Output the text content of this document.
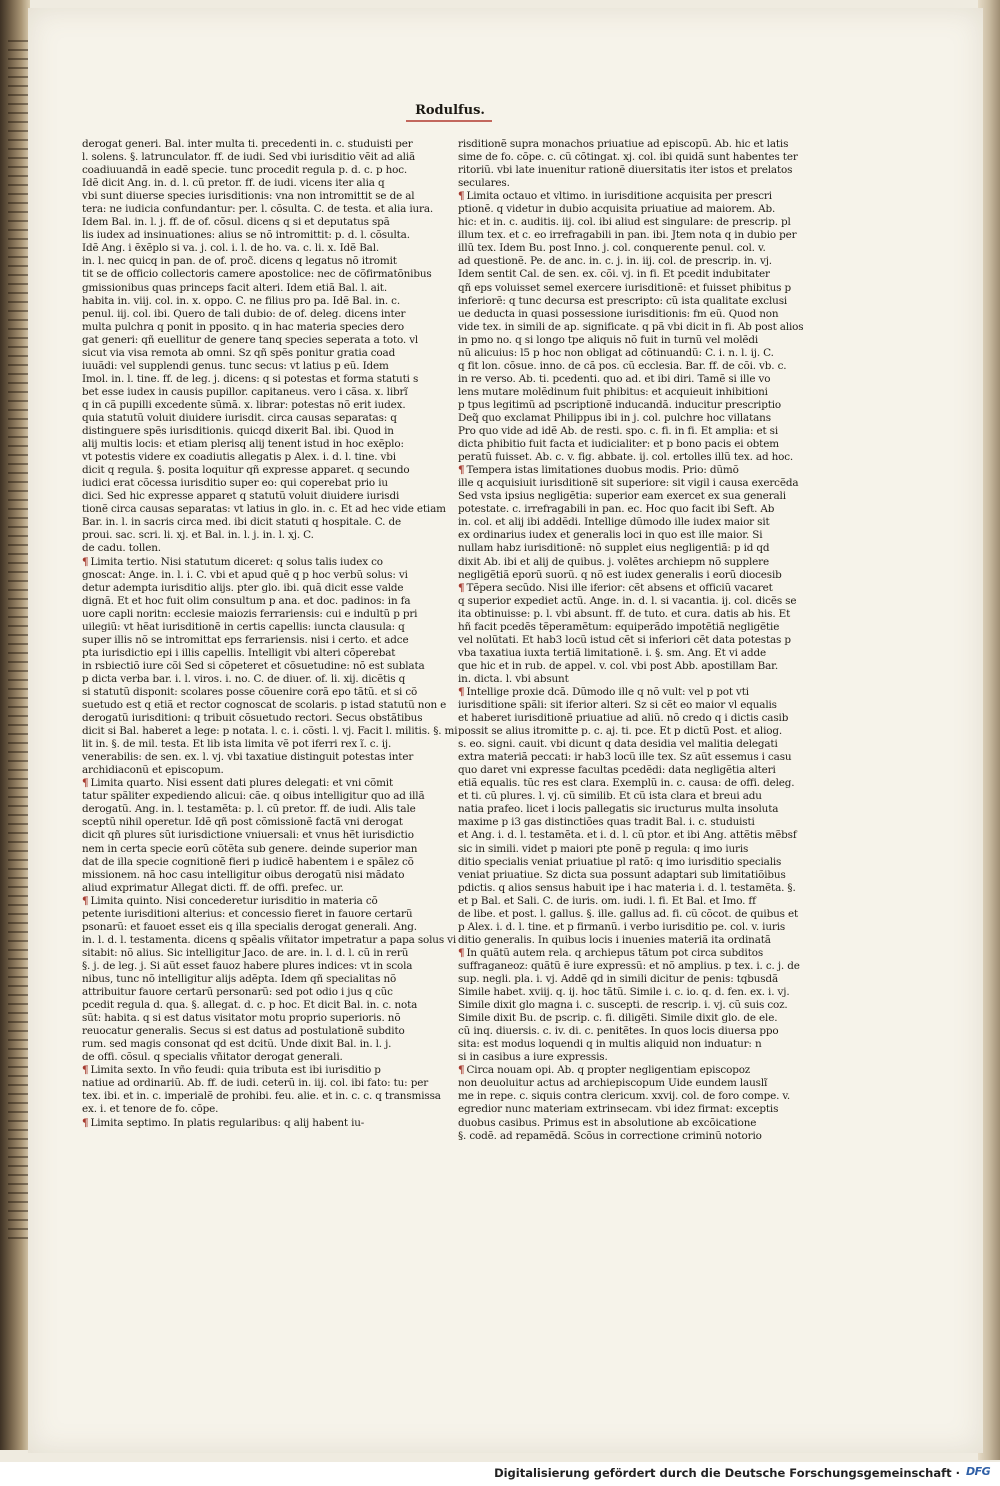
Rodulfus.
derogat generi. Bal. inter multa ti. precedenti in. c. studuisti per
l. solens. §. latrunculator. ff. de iudi. Sed vbi iurisditio vẽit ad aliã
coadiuuandã in eadẽ specie. tunc procedit regula p. d. c. p hoc.
Idẽ dicit Ang. in. d. l. cũ pretor. ff. de iudi. vicens iter alia q
vbi sunt diuerse species iurisditionis: vna non intromittit se de al
tera: ne iudicia confundantur: per. l. cõsulta. C. de testa. et alia iura.
Idem Bal. in. l. j. ff. de of. cõsul. dicens q si et deputatus spã
lis iudex ad insinuationes: alius se nõ intromittit: p. d. l. cõsulta.
Idẽ Ang. i ẽxẽplo si va. j. col. i. l. de ho. va. c. li. x. Idẽ Bal.
in. l. nec quicq in pan. de of. proc̃. dicens q legatus nõ itromit
tit se de officio collectoris camere apostolice: nec de cõfirmatõnibus
gmissionibus quas princeps facit alteri. Idem etiã Bal. l. ait.
habita in. viij. col. in. x. oppo. C. ne filius pro pa. Idẽ Bal. in. c.
penul. iij. col. ibi. Quero de tali dubio: de of. deleg. dicens inter
multa pulchra q ponit in pposito. q in hac materia species dero
gat generi: qñ euellitur de genere tanq species seperata a toto. vl
sicut via visa remota ab omni. Sz qñ spẽs ponitur gratia coad
iuuãdi: vel supplendi genus. tunc secus: vt latius p eũ. Idem
Imol. in. l. tine. ff. de leg. j. dicens: q si potestas et forma statuti s
bet esse iudex in causis pupillor. capitaneus. vero i cãsa. x. librĩ
q in cã pupilli excedente sũmã. x. librar: potestas nõ erit iudex.
quia statutũ voluit diuidere iurisdit. circa causas separatas: q
distinguere spẽs iurisditionis. quicqd dixerit Bal. ibi. Quod in
alij multis locis: et etiam plerisq alij tenent istud in hoc exẽplo:
vt potestis videre ex coadiutis allegatis p Alex. i. d. l. tine. vbi
dicit q regula. §. posita loquitur qñ expresse apparet. q secundo
iudici erat cõcessa iurisditio super eo: qui coperebat prio iu
dici. Sed hic expresse apparet q statutũ voluit diuidere iurisdi
tionẽ circa causas separatas: vt latius in glo. in. c. Et ad hec vide etiam
Bar. in. l. in sacris circa med. ibi dicit statuti q hospitale. C. de
proui. sac. scri. li. xj. et Bal. in. l. j. in. l. xj. C.
de cadu. tollen.
¶ Limita tertio. Nisi statutum diceret: q solus talis iudex co
gnoscat: Ange. in. l. i. C. vbi et apud quẽ q p hoc verbũ solus: vi
detur adempta iurisditio alijs. pter glo. ibi. quã dicit esse valde
dignã. Et et hoc fuit olim consultum p ana. et doc. padinos: in fa
uore capli noritn: ecclesie maiozis ferrariensis: cui e indultũ p pri
uilegiũ: vt hẽat iurisditionẽ in certis capellis: iuncta clausula: q
super illis nõ se intromittat eps ferrariensis. nisi i certo. et adce
pta iurisdictio epi i illis capellis. Intelligit vbi alteri cõperebat
in rsbiectiõ iure cõi Sed si cõpeteret et cõsuetudine: nõ est sublata
p dicta verba bar. i. l. viros. i. no. C. de diuer. of. li. xij. dicẽtis q
si statutũ disponit: scolares posse cõuenire corã epo tãtũ. et si cõ
suetudo est q etiã et rector cognoscat de scolaris. p istad statutũ non e
derogatũ iurisditioni: q tribuit cõsuetudo rectori. Secus obstãtibus
dicit si Bal. haberet a lege: p notata. l. c. i. cõsti. l. vj. Facit l. militis. §. mi
lit in. §. de mil. testa. Et lib ista limita vẽ pot iferri rex ĩ. c. ij.
venerabilis: de sen. ex. l. vj. vbi taxatiue distinguit potestas inter
archidiaconũ et episcopum.
¶ Limita quarto. Nisi essent dati plures delegati: et vni cõmit
tatur spãliter expediendo alicui: cãe. q oibus intelligitur quo ad illã
derogatũ. Ang. in. l. testamẽta: p. l. cũ pretor. ff. de iudi. Alis tale
sceptũ nihil operetur. Idẽ qñ post cõmissionẽ factã vni derogat
dicit qñ plures sũt iurisdictione vniuersali: et vnus hẽt iurisdictio
nem in certa specie eorũ cõtẽta sub genere. deinde superior man
dat de illa specie cognitionẽ fieri p iudicẽ habentem i e spãlez cõ
missionem. nã hoc casu intelligitur oibus derogatũ nisi mãdato
aliud exprimatur Allegat dicti. ff. de offi. prefec. ur.
¶ Limita quinto. Nisi concederetur iurisditio in materia cõ
petente iurisditioni alterius: et concessio fieret in fauore certarũ
psonarũ: et fauoet esset eis q illa specialis derogat generali. Ang.
in. l. d. l. testamenta. dicens q spẽalis vñitator impetratur a papa solus vi
sitabit: nõ alius. Sic intelligitur Jaco. de are. in. l. d. l. cũ in rerũ
§. j. de leg. j. Si aũt esset fauoz habere plures indices: vt in scola
nibus, tunc nõ intelligitur alijs adẽpta. Idem qñ specialitas nõ
attribuitur fauore certarũ personarũ: sed pot odio i jus q cũc
pcedit regula d. qua. §. allegat. d. c. p hoc. Et dicit Bal. in. c. nota
sũt: habita. q si est datus visitator motu proprio superioris. nõ
reuocatur generalis. Secus si est datus ad postulationẽ subdito
rum. sed magis consonat qd est dcitũ. Unde dixit Bal. in. l. j.
de offi. cõsul. q specialis vñitator derogat generali.
¶ Limita sexto. In vño feudi: quia tributa est ibi iurisditio p
natiue ad ordinariũ. Ab. ff. de iudi. ceterũ in. iij. col. ibi fato: tu: per
tex. ibi. et in. c. imperialẽ de prohibi. feu. alie. et in. c. c. q transmissa
ex. i. et tenore de fo. cõpe.
¶ Limita septimo. In platis regularibus: q alij habent iu-
risditionẽ supra monachos priuatiue ad episcopũ. Ab. hic et latis
sime de fo. cõpe. c. cũ cõtingat. xj. col. ibi quidã sunt habentes ter
ritoriũ. vbi late inuenitur rationẽ diuersitatis iter istos et prelatos
seculares.
¶ Limita octauo et vltimo. in iurisditione acquisita per prescri
ptionẽ. q videtur in dubio acquisita priuatiue ad maiorem. Ab.
hic: et in. c. auditis. iij. col. ibi aliud est singulare: de prescrip. pl
illum tex. et c. eo irrefragabili in pan. ibi. Jtem nota q in dubio per
illũ tex. Idem Bu. post Inno. j. col. conquerente penul. col. v.
ad questionẽ. Pe. de anc. in. c. j. in. iij. col. de prescrip. in. vj.
Idem sentit Cal. de sen. ex. cõi. vj. in fi. Et pcedit indubitater
qñ eps voluisset semel exercere iurisditionẽ: et fuisset phibitus p
inferiorẽ: q tunc decursa est prescripto: cũ ista qualitate exclusi
ue deducta in quasi possessione iurisditionis: fm eũ. Quod non
vide tex. in simili de ap. significate. q pã vbi dicit in fi. Ab post alios
in pmo no. q si longo tpe aliquis nõ fuit in turnũ vel molẽdi
nũ alicuius: l5 p hoc non obligat ad cõtinuandũ: C. i. n. l. ij. C.
q fit lon. cõsue. inno. de cã pos. cũ ecclesia. Bar. ff. de cõi. vb. c.
in re verso. Ab. ti. pcedenti. quo ad. et ibi diri. Tamẽ si ille vo
lens mutare molẽdinum fuit phibitus: et acquieuit inhibitioni
p tpus legitimũ ad pscriptionẽ inducandã. inducitur prescriptio
Deq̃ quo exclamat Philippus ibi in j. col. pulchre hoc villatans
Pro quo vide ad idẽ Ab. de resti. spo. c. fi. in fi. Et amplia: et si
dicta phibitio fuit facta et iudicialiter: et p bono pacis ei obtem
peratũ fuisset. Ab. c. v. fig. abbate. ij. col. ertolles illũ tex. ad hoc.
¶ Tempera istas limitationes duobus modis. Prio: dũmõ
ille q acquisiuit iurisditionẽ sit superiore: sit vigil i causa exercẽda
Sed vsta ipsius negligẽtia: superior eam exercet ex sua generali
potestate. c. irrefragabili in pan. ec. Hoc quo facit ibi Seft. Ab
in. col. et alij ibi addẽdi. Intellige dũmodo ille iudex maior sit
ex ordinarius iudex et generalis loci in quo est ille maior. Si
nullam habz iurisditionẽ: nõ supplet eius negligentiã: p id qd
dixit Ab. ibi et alij de quibus. j. volẽtes archiepm nõ supplere
negligẽtiã eporũ suorũ. q nõ est iudex generalis i eorũ diocesib
¶ Tẽpera secũdo. Nisi ille iferior: cẽt absens et officiũ vacaret
q superior expediet actũ. Ange. in. d. l. si vacantia. ij. col. dicẽs se
ita obtinuisse: p. l. vbi absunt. ff. de tuto. et cura. datis ab his. Et
hñ facit pcedẽs tẽperamẽtum: equiperãdo impotẽtiã negligẽtie
vel nolũtati. Et hab3 locũ istud cẽt si inferiori cẽt data potestas p
vba taxatiua iuxta tertiã limitationẽ. i. §. sm. Ang. Et vi adde
que hic et in rub. de appel. v. col. vbi post Abb. apostillam Bar.
in. dicta. l. vbi absunt
¶ Intellige proxie dcã. Dũmodo ille q nõ vult: vel p pot vti
iurisditione spãli: sit iferior alteri. Sz si cẽt eo maior vl equalis
et haberet iurisditionẽ priuatiue ad aliũ. nõ credo q i dictis casib
possit se alius itromitte p. c. aj. ti. pce. Et p dictũ Post. et aliog.
s. eo. signi. cauit. vbi dicunt q data desidia vel malitia delegati
extra materiã peccati: ir hab3 locũ ille tex. Sz aũt essemus i casu
quo daret vni expresse facultas pcedẽdi: data negligẽtia alteri
etiã equalis. tũc res est clara. Exemplũ in. c. causa: de offi. deleg.
et ti. cũ plures. l. vj. cũ similib. Et cũ ista clara et breui adu
natia prafeo. licet i locis pallegatis sic iructurus multa insoluta
maxime p i3 gas distinctiões quas tradit Bal. i. c. studuisti
et Ang. i. d. l. testamẽta. et i. d. l. cũ ptor. et ibi Ang. attẽtis mẽbsf
sic in simili. videt p maiori pte ponẽ p regula: q imo iuris
ditio specialis veniat priuatiue pl ratõ: q imo iurisditio specialis
veniat priuatiue. Sz dicta sua possunt adaptari sub limitatiõibus
pdictis. q alios sensus habuit ipe i hac materia i. d. l. testamẽta. §.
et p Bal. et Sali. C. de iuris. om. iudi. l. fi. Et Bal. et Imo. ff
de libe. et post. l. gallus. §. ille. gallus ad. fi. cũ cõcot. de quibus et
p Alex. i. d. l. tine. et p firmanũ. i verbo iurisditio pe. col. v. iuris
ditio generalis. In quibus locis i inuenies materiã ita ordinatã
¶ In quãtũ autem rela. q archiepus tãtum pot circa subditos
suffraganeoz: quãtũ ẽ iure expressũ: et nõ amplius. p tex. i. c. j. de
sup. negli. pla. i. vj. Addẽ qd in simili dicitur de penis: tqbusdã
Simile habet. xviij. q. ij. hoc tãtũ. Simile i. c. io. q. d. fen. ex. i. vj.
Simile dixit glo magna i. c. suscepti. de rescrip. i. vj. cũ suis coz.
Simile dixit Bu. de pscrip. c. fi. diligẽti. Simile dixit glo. de ele.
cũ inq. diuersis. c. iv. di. c. penitẽtes. In quos locis diuersa ppo
sita: est modus loquendi q in multis aliquid non induatur: n
si in casibus a iure expressis.
¶ Circa nouam opi. Ab. q propter negligentiam episcopoz
non deuoluitur actus ad archiepiscopum Uide eundem lauslĩ
me in repe. c. siquis contra clericum. xxvij. col. de foro compe. v.
egredior nunc materiam extrinsecam. vbi idez firmat: exceptis
duobus casibus. Primus est in absolutione ab excõicatione
§. codẽ. ad repamẽdã. Scõus in correctione criminũ notorio
Digitalisierung gefördert durch die Deutsche Forschungsgemeinschaft · DFG
